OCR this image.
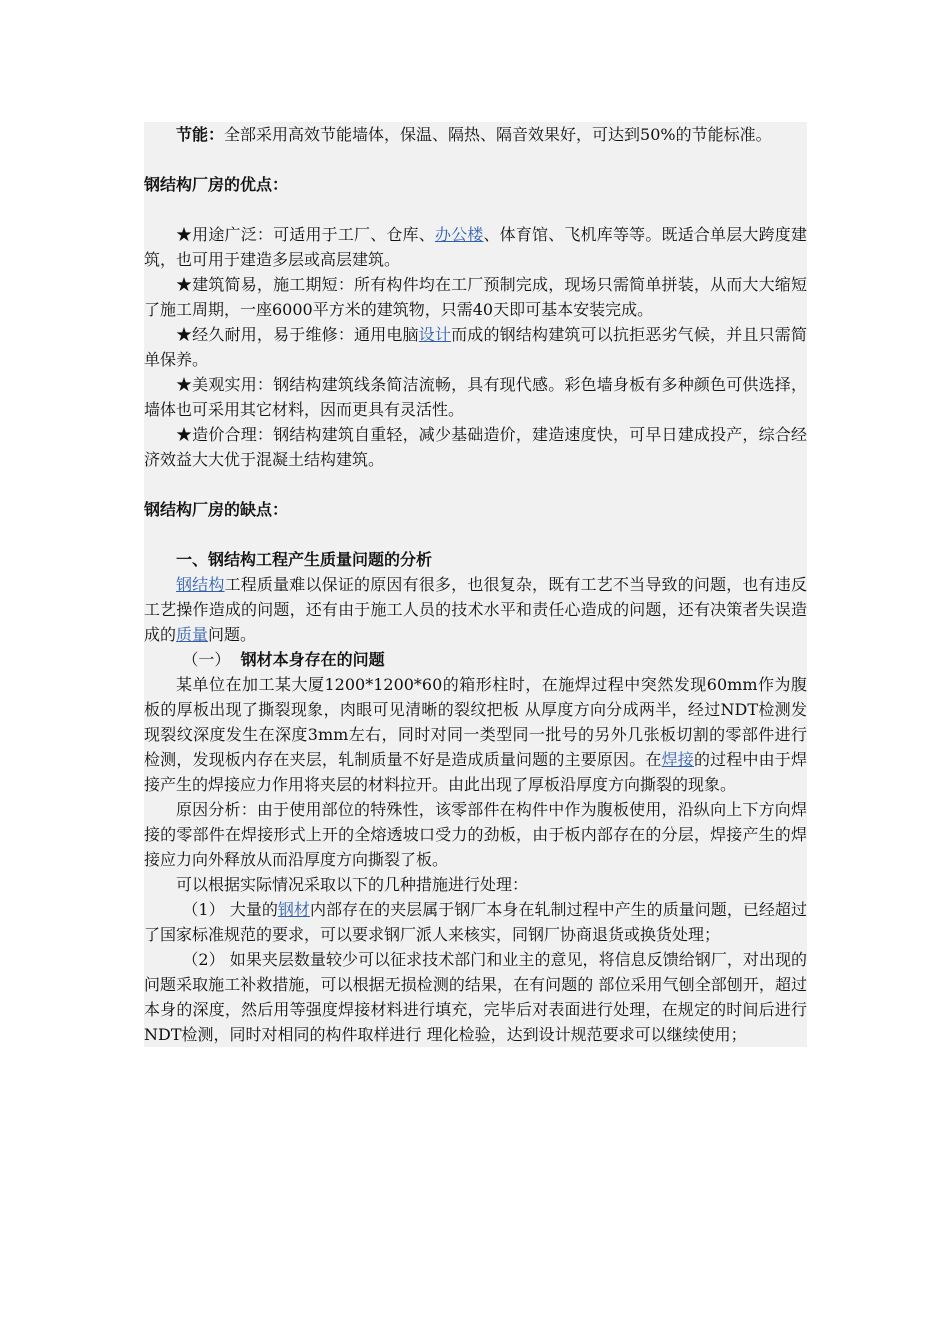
节能：全部采用高效节能墙体，保温、隔热、隔音效果好，可达到50%的节能标准。

钢结构厂房的优点：

★用途广泛：可适用于工厂、仓库、办公楼、体育馆、飞机库等等。既适合单层大跨度建筑，也可用于建造多层或高层建筑。

★建筑简易，施工期短：所有构件均在工厂预制完成，现场只需简单拼装，从而大大缩短了施工周期，一座6000平方米的建筑物，只需40天即可基本安装完成。

★经久耐用，易于维修：通用电脑设计而成的钢结构建筑可以抗拒恶劣气候，并且只需简单保养。

★美观实用：钢结构建筑线条简洁流畅，具有现代感。彩色墙身板有多种颜色可供选择，墙体也可采用其它材料，因而更具有灵活性。

★造价合理：钢结构建筑自重轻，减少基础造价，建造速度快，可早日建成投产，综合经济效益大大优于混凝土结构建筑。

钢结构厂房的缺点：

一、钢结构工程产生质量问题的分析

钢结构工程质量难以保证的原因有很多，也很复杂，既有工艺不当导致的问题，也有违反工艺操作造成的问题，还有由于施工人员的技术水平和责任心造成的问题，还有决策者失误造成的质量问题。

（一） 钢材本身存在的问题

某单位在加工某大厦1200*1200*60的箱形柱时，在施焊过程中突然发现60mm作为腹板的厚板出现了撕裂现象，肉眼可见清晰的裂纹把板 从厚度方向分成两半，经过NDT检测发现裂纹深度发生在深度3mm左右，同时对同一类型同一批号的另外几张板切割的零部件进行检测，发现板内存在夹层，轧制质量不好是造成质量问题的主要原因。在焊接的过程中由于焊接产生的焊接应力作用将夹层的材料拉开。由此出现了厚板沿厚度方向撕裂的现象。

原因分析：由于使用部位的特殊性，该零部件在构件中作为腹板使用，沿纵向上下方向焊接的零部件在焊接形式上开的全熔透坡口受力的劲板，由于板内部存在的分层，焊接产生的焊接应力向外释放从而沿厚度方向撕裂了板。

可以根据实际情况采取以下的几种措施进行处理：

（1） 大量的钢材内部存在的夹层属于钢厂本身在轧制过程中产生的质量问题，已经超过了国家标准规范的要求，可以要求钢厂派人来核实，同钢厂协商退货或换货处理；

（2） 如果夹层数量较少可以征求技术部门和业主的意见，将信息反馈给钢厂，对出现的问题采取施工补救措施，可以根据无损检测的结果，在有问题的 部位采用气刨全部刨开，超过本身的深度，然后用等强度焊接材料进行填充，完毕后对表面进行处理，在规定的时间后进行NDT检测，同时对相同的构件取样进行 理化检验，达到设计规范要求可以继续使用；
